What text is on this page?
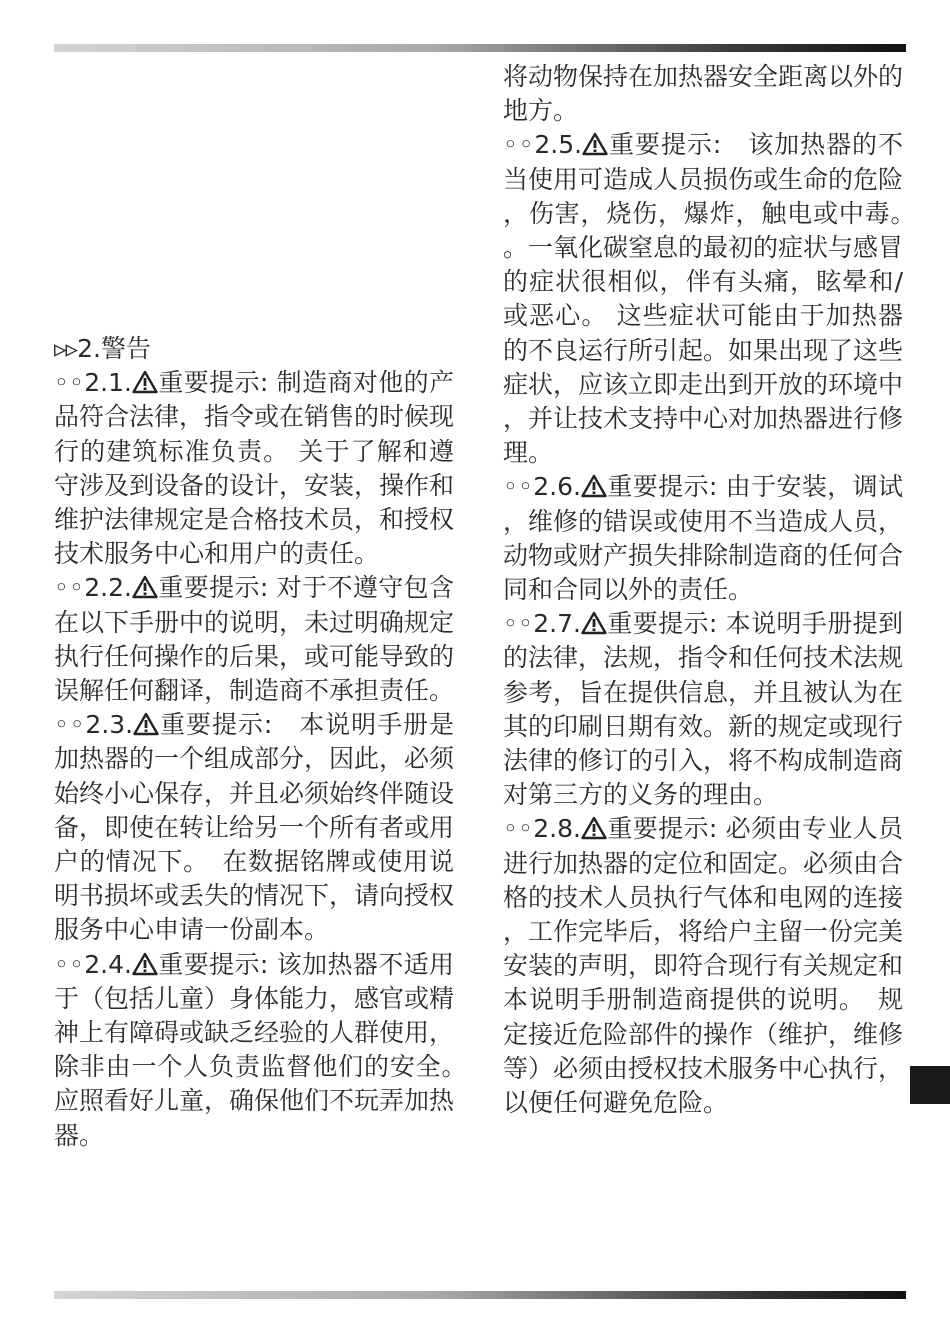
▹▹2.警告

◦◦2.1. 重要提示: 制造商对他的产品符合法律，指令或在销售的时候现行的建筑标准负责。 关于了解和遵守涉及到设备的设计，安装，操作和维护法律规定是合格技术员，和授权技术服务中心和用户的责任。

◦◦2.2. 重要提示: 对于不遵守包含在以下手册中的说明，未过明确规定执行任何操作的后果，或可能导致的误解任何翻译，制造商不承担责任。

◦◦2.3. 重要提示:　本说明手册是加热器的一个组成部分，因此，必须始终小心保存，并且必须始终伴随设备，即使在转让给另一个所有者或用户的情况下。　在数据铭牌或使用说明书损坏或丢失的情况下，请向授权服务中心申请一份副本。

◦◦2.4. 重要提示: 该加热器不适用于（包括儿童）身体能力，感官或精神上有障碍或缺乏经验的人群使用，除非由一个人负责监督他们的安全。　应照看好儿童，确保他们不玩弄加热器。

将动物保持在加热器安全距离以外的地方。

◦◦2.5. 重要提示:　该加热器的不当使用可造成人员损伤或生命的危险，伤害，烧伤，爆炸，触电或中毒。。一氧化碳窒息的最初的症状与感冒的症状很相似，伴有头痛，眩晕和/或恶心。 这些症状可能由于加热器的不良运行所引起。如果出现了这些症状，应该立即走出到开放的环境中，并让技术支持中心对加热器进行修理。

◦◦2.6. 重要提示: 由于安装，调试，维修的错误或使用不当造成人员，动物或财产损失排除制造商的任何合同和合同以外的责任。

◦◦2.7. 重要提示: 本说明手册提到的法律，法规，指令和任何技术法规参考，旨在提供信息，并且被认为在其的印刷日期有效。新的规定或现行法律的修订的引入，将不构成制造商对第三方的义务的理由。

◦◦2.8. 重要提示: 必须由专业人员进行加热器的定位和固定。必须由合格的技术人员执行气体和电网的连接，工作完毕后，将给户主留一份完美安装的声明，即符合现行有关规定和本说明手册制造商提供的说明。　规定接近危险部件的操作（维护，维修等）必须由授权技术服务中心执行，以便任何避免危险。
